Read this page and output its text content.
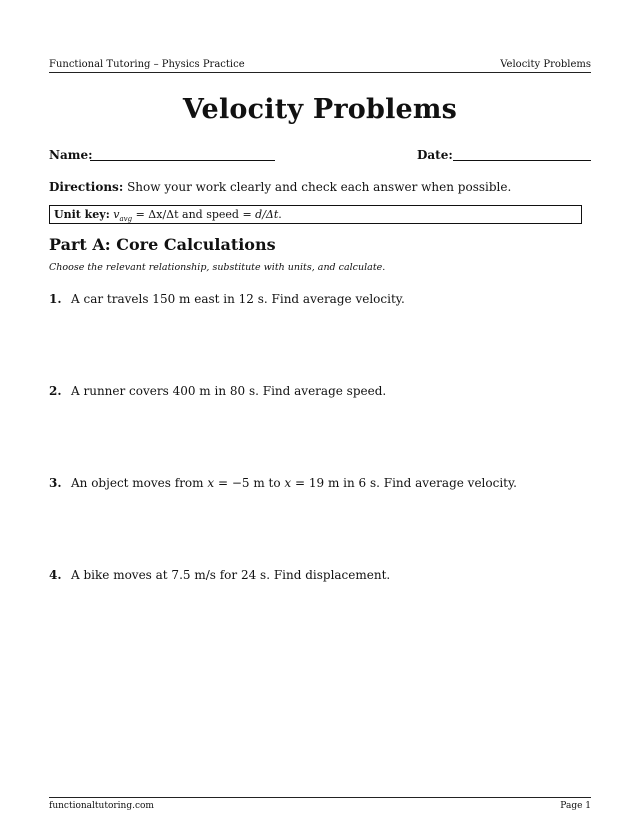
Functional Tutoring – Physics Practice	Velocity Problems
Velocity Problems
Name:	Date:
Directions: Show your work clearly and check each answer when possible.
Unit key: $v_{avg} = \Delta x/\Delta t$ and speed = d/Δt.
Part A: Core Calculations
Choose the relevant relationship, substitute with units, and calculate.
1. A car travels 150 m east in 12 s. Find average velocity.
2. A runner covers 400 m in 80 s. Find average speed.
3. An object moves from x = −5 m to x = 19 m in 6 s. Find average velocity.
4. A bike moves at 7.5 m/s for 24 s. Find displacement.
functionaltutoring.com	Page 1
